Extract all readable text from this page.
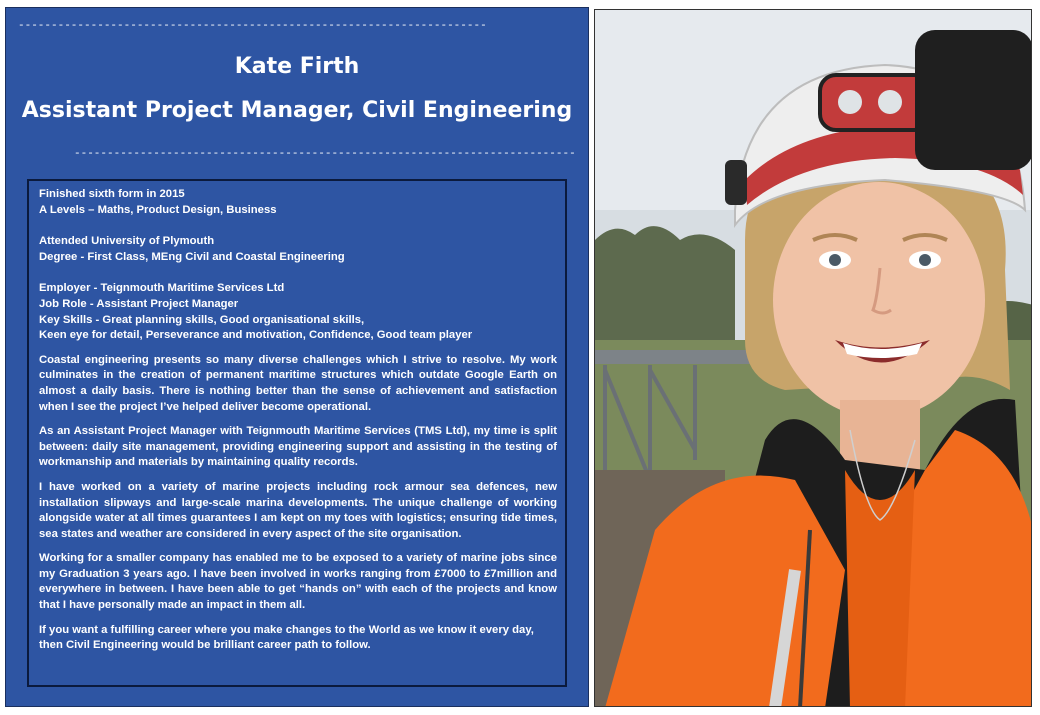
-----------------------------------------------------------------------
Kate Firth
Assistant Project Manager, Civil Engineering
----------------------------------------------------------------------------

Finished sixth form in 2015

A Levels – Maths, Product Design, Business

Attended University of Plymouth

Degree - First Class, MEng Civil and Coastal Engineering

Employer - Teignmouth Maritime Services Ltd

Job Role - Assistant Project Manager

Key Skills - Great planning skills, Good organisational skills,

Keen eye for detail, Perseverance and motivation, Confidence, Good team player

Coastal engineering presents so many diverse challenges which I strive to resolve. My work culminates in the creation of permanent maritime structures which outdate Google Earth on almost a daily basis. There is nothing better than the sense of achievement and satisfaction when I see the project I’ve helped deliver become operational.

As an Assistant Project Manager with Teignmouth Maritime Services (TMS Ltd), my time is split between: daily site management, providing engineering support and assisting in the testing of workmanship and materials by maintaining quality records.

I have worked on a variety of marine projects including rock armour sea defences, new installation slipways and large-scale marina developments. The unique challenge of working alongside water at all times guarantees I am kept on my toes with logistics; ensuring tide times, sea states and weather are considered in every aspect of the site organisation.

Working for a smaller company has enabled me to be exposed to a variety of marine jobs since my Graduation 3 years ago. I have been involved in works ranging from £7000 to £7million and everywhere in between. I have been able to get “hands on” with each of the projects and know that I have personally made an impact in them all.

If you want a fulfilling career where you make changes to the World as we know it every day, then Civil Engineering would be brilliant career path to follow.
